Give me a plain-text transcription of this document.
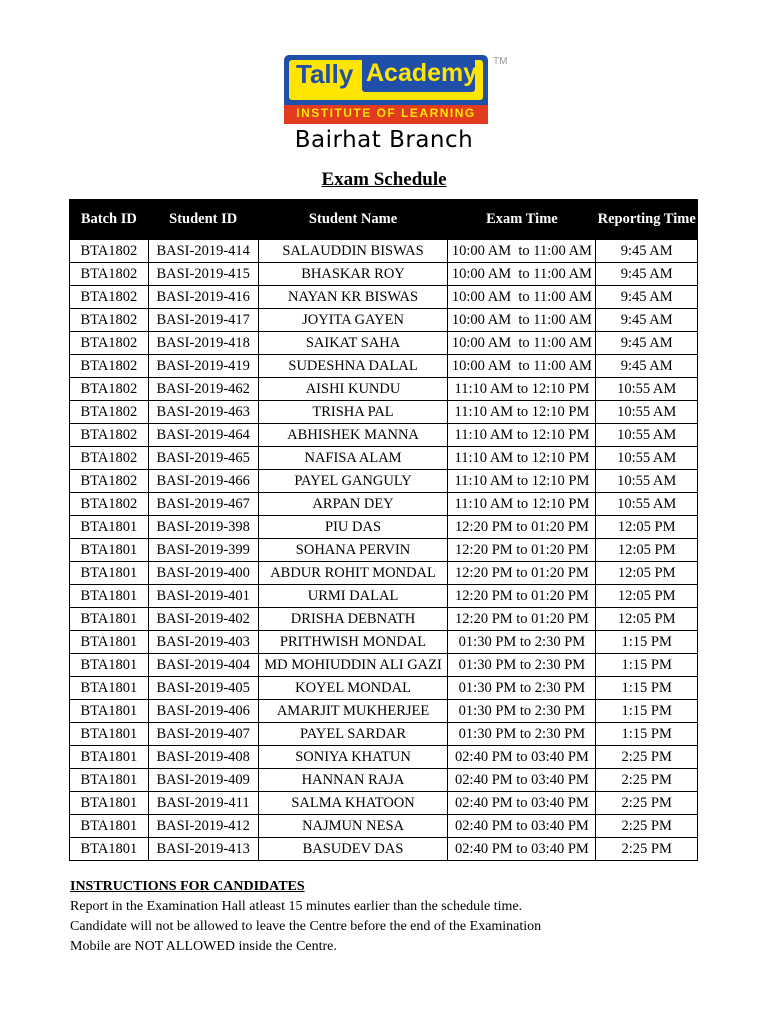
Tally Academy
INSTITUTE OF LEARNING
TM
Bairhat Branch
Exam Schedule
Batch ID	Student ID	Student Name	Exam Time	Reporting Time
BTA1802	BASI-2019-414	SALAUDDIN BISWAS	10:00 AM  to 11:00 AM	9:45 AM
BTA1802	BASI-2019-415	BHASKAR ROY	10:00 AM  to 11:00 AM	9:45 AM
BTA1802	BASI-2019-416	NAYAN KR BISWAS	10:00 AM  to 11:00 AM	9:45 AM
BTA1802	BASI-2019-417	JOYITA GAYEN	10:00 AM  to 11:00 AM	9:45 AM
BTA1802	BASI-2019-418	SAIKAT SAHA	10:00 AM  to 11:00 AM	9:45 AM
BTA1802	BASI-2019-419	SUDESHNA DALAL	10:00 AM  to 11:00 AM	9:45 AM
BTA1802	BASI-2019-462	AISHI KUNDU	11:10 AM to 12:10 PM	10:55 AM
BTA1802	BASI-2019-463	TRISHA PAL	11:10 AM to 12:10 PM	10:55 AM
BTA1802	BASI-2019-464	ABHISHEK MANNA	11:10 AM to 12:10 PM	10:55 AM
BTA1802	BASI-2019-465	NAFISA ALAM	11:10 AM to 12:10 PM	10:55 AM
BTA1802	BASI-2019-466	PAYEL GANGULY	11:10 AM to 12:10 PM	10:55 AM
BTA1802	BASI-2019-467	ARPAN DEY	11:10 AM to 12:10 PM	10:55 AM
BTA1801	BASI-2019-398	PIU DAS	12:20 PM to 01:20 PM	12:05 PM
BTA1801	BASI-2019-399	SOHANA PERVIN	12:20 PM to 01:20 PM	12:05 PM
BTA1801	BASI-2019-400	ABDUR ROHIT MONDAL	12:20 PM to 01:20 PM	12:05 PM
BTA1801	BASI-2019-401	URMI DALAL	12:20 PM to 01:20 PM	12:05 PM
BTA1801	BASI-2019-402	DRISHA DEBNATH	12:20 PM to 01:20 PM	12:05 PM
BTA1801	BASI-2019-403	PRITHWISH MONDAL	01:30 PM to 2:30 PM	1:15 PM
BTA1801	BASI-2019-404	MD MOHIUDDIN ALI GAZI	01:30 PM to 2:30 PM	1:15 PM
BTA1801	BASI-2019-405	KOYEL MONDAL	01:30 PM to 2:30 PM	1:15 PM
BTA1801	BASI-2019-406	AMARJIT MUKHERJEE	01:30 PM to 2:30 PM	1:15 PM
BTA1801	BASI-2019-407	PAYEL SARDAR	01:30 PM to 2:30 PM	1:15 PM
BTA1801	BASI-2019-408	SONIYA KHATUN	02:40 PM to 03:40 PM	2:25 PM
BTA1801	BASI-2019-409	HANNAN RAJA	02:40 PM to 03:40 PM	2:25 PM
BTA1801	BASI-2019-411	SALMA KHATOON	02:40 PM to 03:40 PM	2:25 PM
BTA1801	BASI-2019-412	NAJMUN NESA	02:40 PM to 03:40 PM	2:25 PM
BTA1801	BASI-2019-413	BASUDEV DAS	02:40 PM to 03:40 PM	2:25 PM
INSTRUCTIONS FOR CANDIDATES
Report in the Examination Hall atleast 15 minutes earlier than the schedule time.
Candidate will not be allowed to leave the Centre before the end of the Examination
Mobile are NOT ALLOWED inside the Centre.
